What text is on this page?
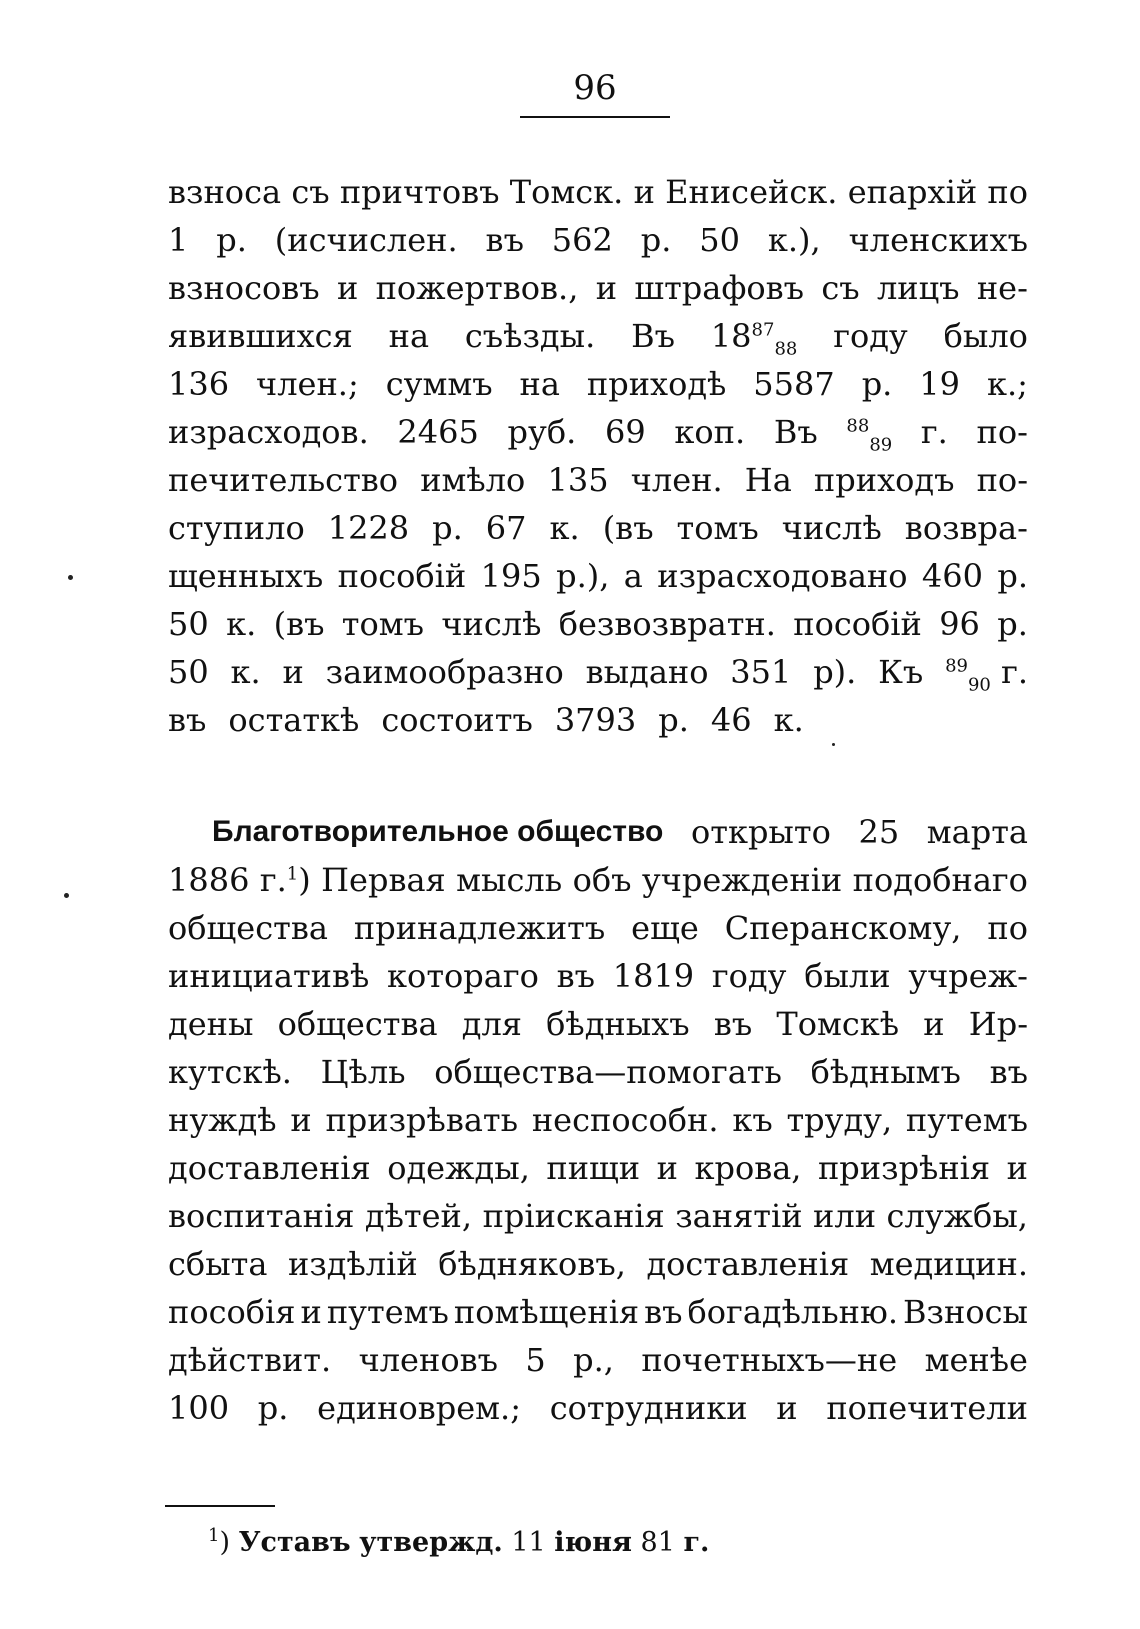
96
взноса съ причтовъ Томск. и Енисейск. епархій по
1 р. (исчислен. въ 562 р. 50 к.), членскихъ
взносовъ и пожертвов., и штрафовъ съ лицъ не-
явившихся на съѣзды. Въ $18^{87}_{88}$ году было
136 член.; суммъ на приходѣ 5587 р. 19 к.;
израсходов. 2465 руб. 69 коп. Въ $^{88}_{89}$ г. по-
печительство имѣло 135 член. На приходъ по-
ступило 1228 р. 67 к. (въ томъ числѣ возвра-
щенныхъ пособій 195 р.), а израсходовано 460 р.
50 к. (въ томъ числѣ безвозвратн. пособій 96 р.
50 к. и заимообразно выдано 351 р). Къ $^{89}_{90}$ г.
въ остаткѣ состоитъ 3793 р. 46 к.
Благотворительное общество открыто 25 марта
1886 г.$^1$) Первая мысль объ учрежденіи подобнаго
общества принадлежитъ еще Сперанскому, по
инициативѣ котораго въ 1819 году были учреж-
дены общества для бѣдныхъ въ Томскѣ и Ир-
кутскѣ. Цѣль общества—помогать бѣднымъ въ
нуждѣ и призрѣвать неспособн. къ труду, путемъ
доставленія одежды, пищи и крова, призрѣнія и
воспитанія дѣтей, прiисканія занятій или службы,
сбыта издѣлій бѣдняковъ, доставленія медицин.
пособія и путемъ помѣщенія въ богадѣльню. Взносы
дѣйствит. членовъ 5 р., почетныхъ—не менѣе
100 р. единоврем.; сотрудники и попечители
$^1$) Уставъ утвержд. 11 іюня 81 г.
